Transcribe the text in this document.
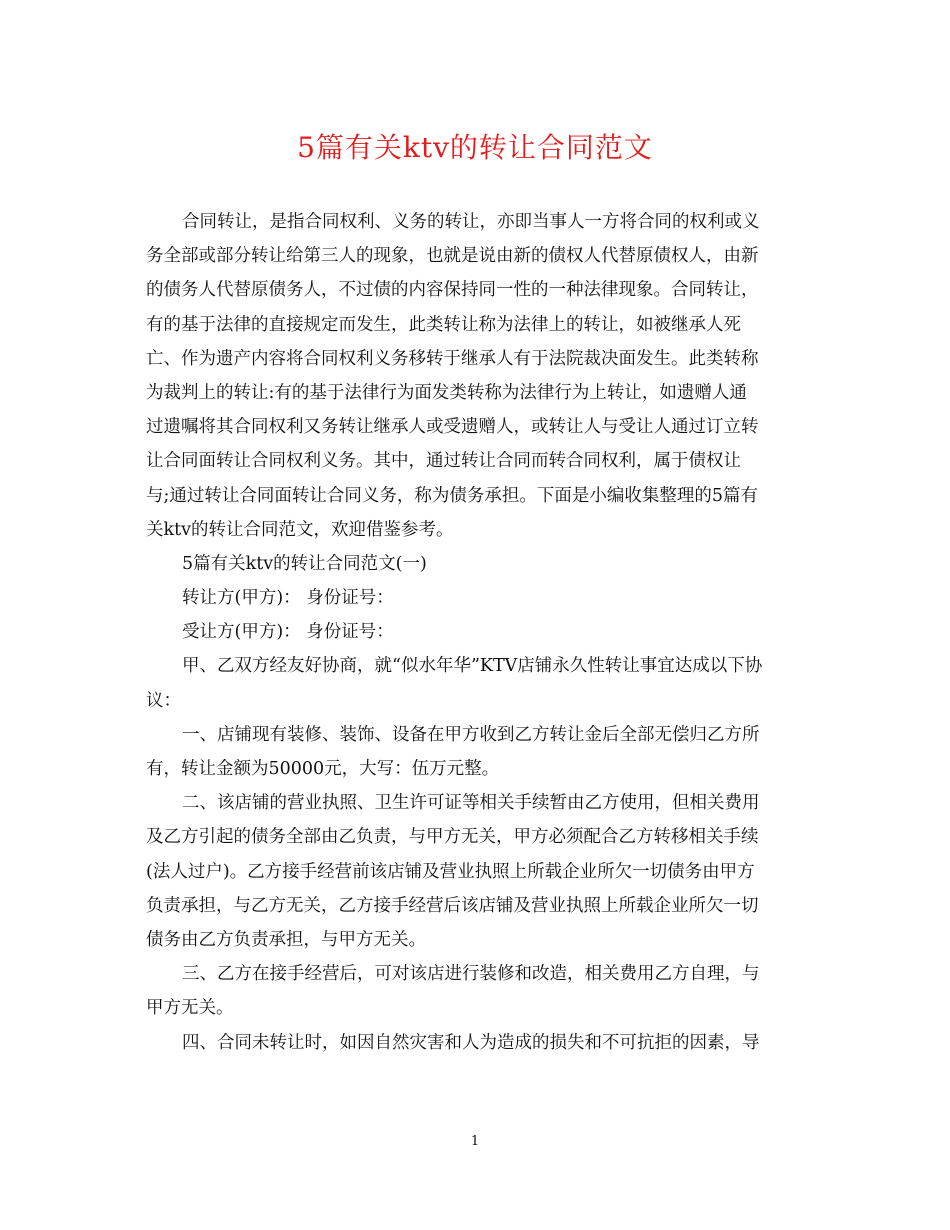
5篇有关ktv的转让合同范文
合同转让，是指合同权利、义务的转让，亦即当事人一方将合同的权利或义
务全部或部分转让给第三人的现象，也就是说由新的债权人代替原债权人，由新
的债务人代替原债务人，不过债的内容保持同一性的一种法律现象。合同转让，
有的基于法律的直接规定而发生，此类转让称为法律上的转让，如被继承人死
亡、作为遗产内容将合同权利义务移转于继承人有于法院裁决面发生。此类转称
为裁判上的转让:有的基于法律行为面发类转称为法律行为上转让，如遗赠人通
过遗嘱将其合同权利又务转让继承人或受遗赠人，或转让人与受让人通过订立转
让合同面转让合同权利义务。其中，通过转让合同而转合同权利，属于债权让
与;通过转让合同面转让合同义务，称为债务承担。下面是小编收集整理的5篇有
关ktv的转让合同范文，欢迎借鉴参考。
5篇有关ktv的转让合同范文(一)
转让方(甲方)： 身份证号：
受让方(甲方)： 身份证号：
甲、乙双方经友好协商，就“似水年华”KTV店铺永久性转让事宜达成以下协
议：
一、店铺现有装修、装饰、设备在甲方收到乙方转让金后全部无偿归乙方所
有，转让金额为50000元，大写：伍万元整。
二、该店铺的营业执照、卫生许可证等相关手续暂由乙方使用，但相关费用
及乙方引起的债务全部由乙负责，与甲方无关，甲方必须配合乙方转移相关手续
(法人过户)。乙方接手经营前该店铺及营业执照上所载企业所欠一切债务由甲方
负责承担，与乙方无关，乙方接手经营后该店铺及营业执照上所载企业所欠一切
债务由乙方负责承担，与甲方无关。
三、乙方在接手经营后，可对该店进行装修和改造，相关费用乙方自理，与
甲方无关。
四、合同未转让时，如因自然灾害和人为造成的损失和不可抗拒的因素，导
1
